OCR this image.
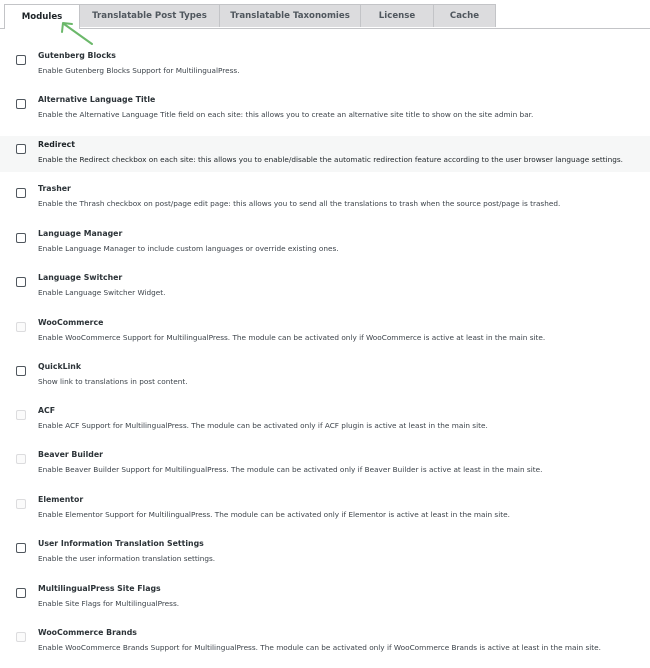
Modules	Translatable Post Types	Translatable Taxonomies	License	Cache
Gutenberg Blocks
Enable Gutenberg Blocks Support for MultilingualPress.
Alternative Language Title
Enable the Alternative Language Title field on each site: this allows you to create an alternative site title to show on the site admin bar.
Redirect
Enable the Redirect checkbox on each site: this allows you to enable/disable the automatic redirection feature according to the user browser language settings.
Trasher
Enable the Thrash checkbox on post/page edit page: this allows you to send all the translations to trash when the source post/page is trashed.
Language Manager
Enable Language Manager to include custom languages or override existing ones.
Language Switcher
Enable Language Switcher Widget.
WooCommerce
Enable WooCommerce Support for MultilingualPress. The module can be activated only if WooCommerce is active at least in the main site.
QuickLink
Show link to translations in post content.
ACF
Enable ACF Support for MultilingualPress. The module can be activated only if ACF plugin is active at least in the main site.
Beaver Builder
Enable Beaver Builder Support for MultilingualPress. The module can be activated only if Beaver Builder is active at least in the main site.
Elementor
Enable Elementor Support for MultilingualPress. The module can be activated only if Elementor is active at least in the main site.
User Information Translation Settings
Enable the user information translation settings.
MultilingualPress Site Flags
Enable Site Flags for MultilingualPress.
WooCommerce Brands
Enable WooCommerce Brands Support for MultilingualPress. The module can be activated only if WooCommerce Brands is active at least in the main site.
